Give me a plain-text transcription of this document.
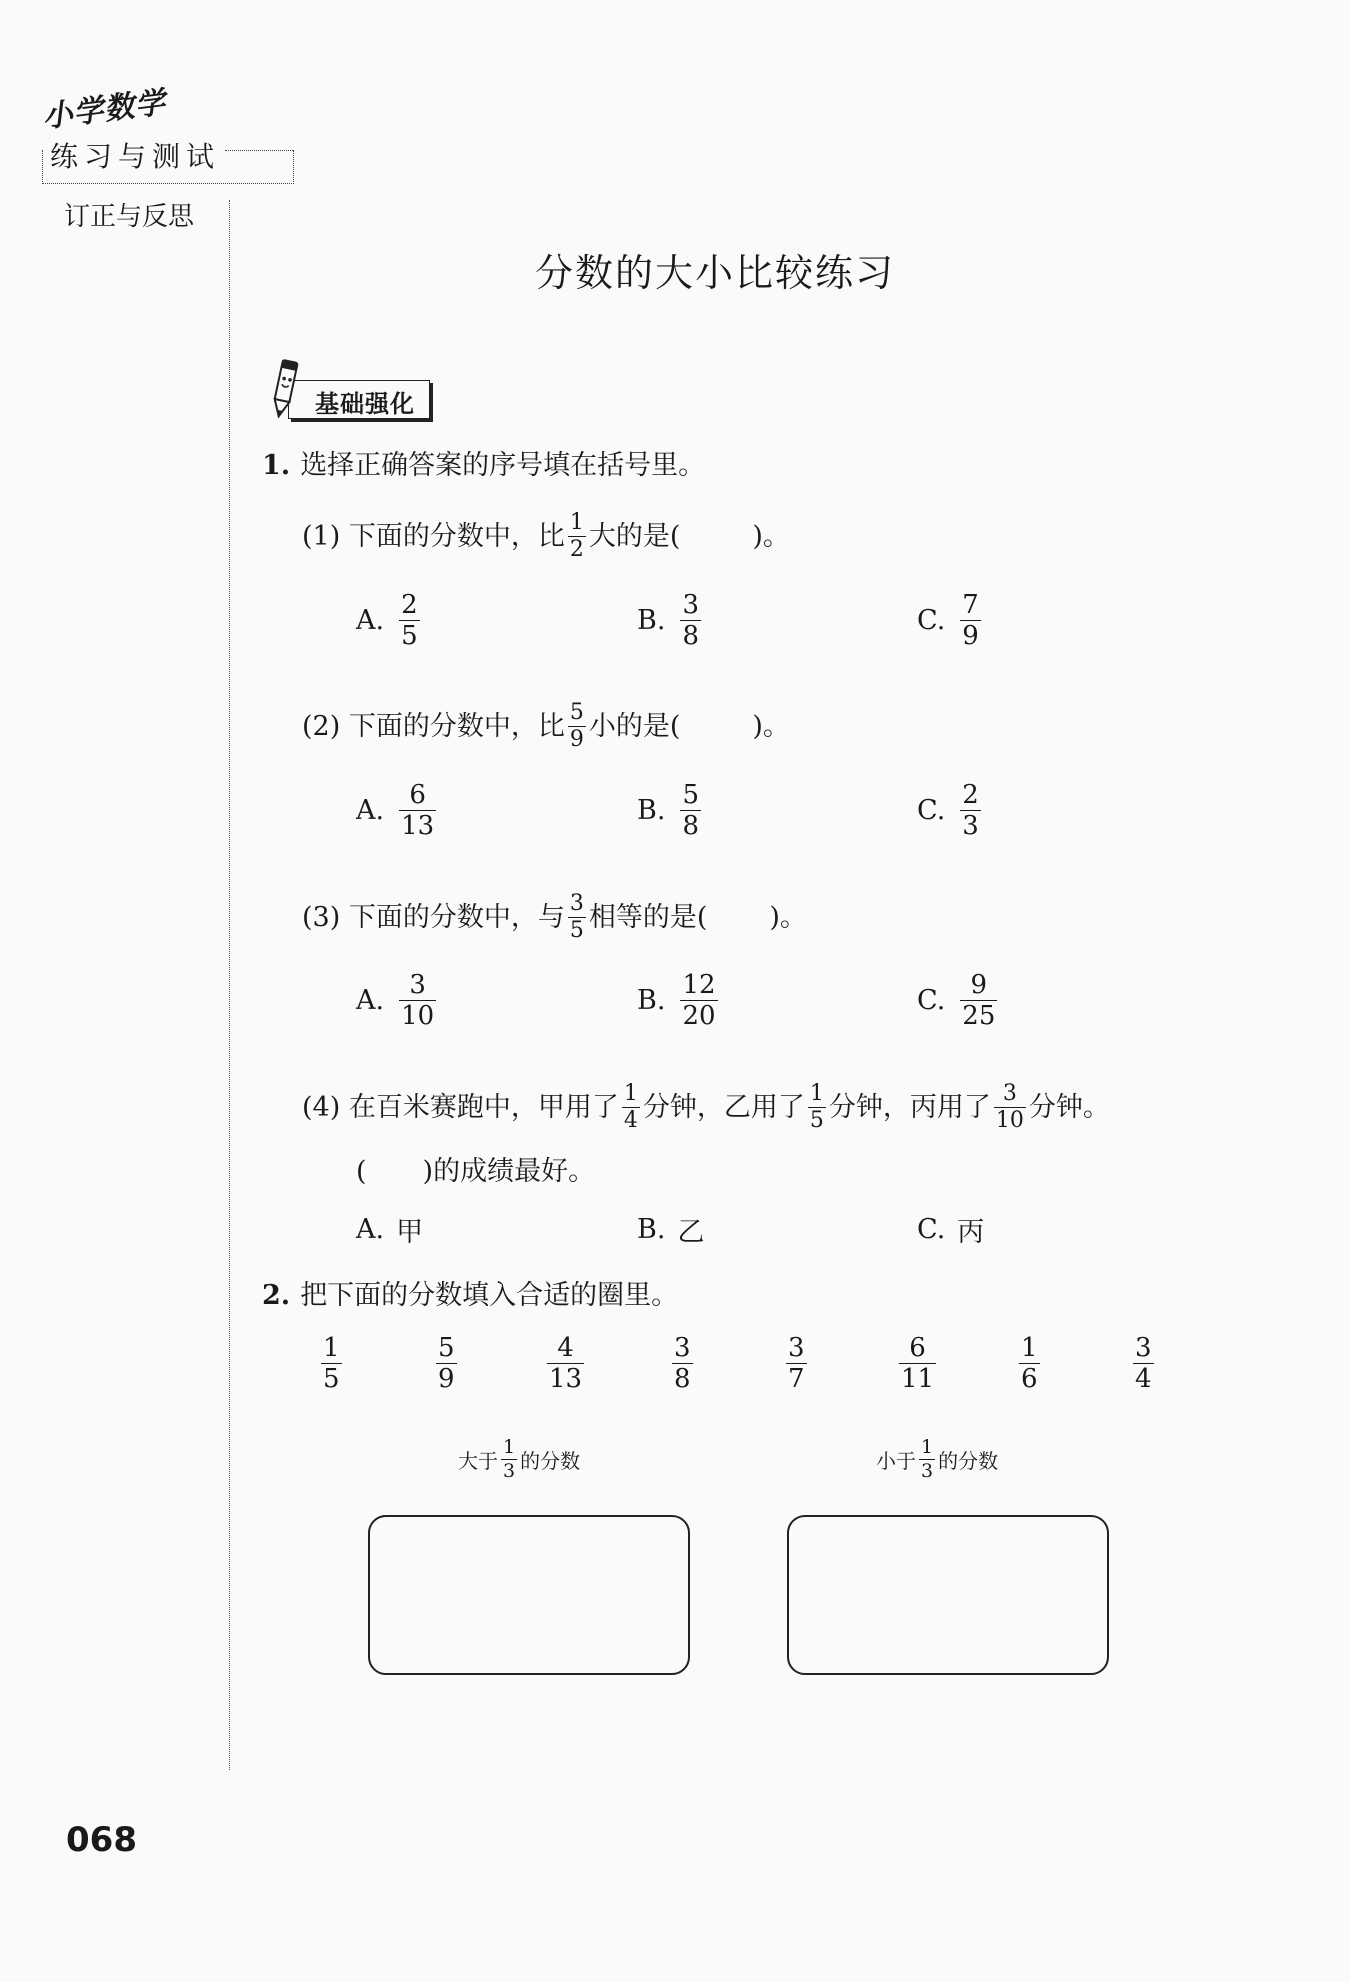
小学数学
练习与测试
订正与反思
分数的大小比较练习
基础强化
1. 选择正确答案的序号填在括号里。
(1)
下面的分数中，比 $\frac{1}{2}$ 大的是(	)。
A. $\frac{2}{5}$	B. $\frac{3}{8}$	C. $\frac{7}{9}$
(2)
下面的分数中，比 $\frac{5}{9}$ 小的是(	)。
A. $\frac{6}{13}$	B. $\frac{5}{8}$	C. $\frac{2}{3}$
(3)
下面的分数中，与 $\frac{3}{5}$ 相等的是( )。
A. $\frac{3}{10}$	B. $\frac{12}{20}$	C. $\frac{9}{25}$
(4)
在百米赛跑中，甲用了 $\frac{1}{4}$ 分钟，乙用了 $\frac{1}{5}$ 分钟，丙用了 $\frac{3}{10}$ 分钟。
( )的成绩最好。
A. 甲	B. 乙	C. 丙
2. 把下面的分数填入合适的圈里。
$\frac{1}{5}$	$\frac{5}{9}$	$\frac{4}{13}$	$\frac{3}{8}$	$\frac{3}{7}$	$\frac{6}{11}$	$\frac{1}{6}$	$\frac{3}{4}$
大于 $\frac{1}{3}$ 的分数	小于 $\frac{1}{3}$ 的分数
068
